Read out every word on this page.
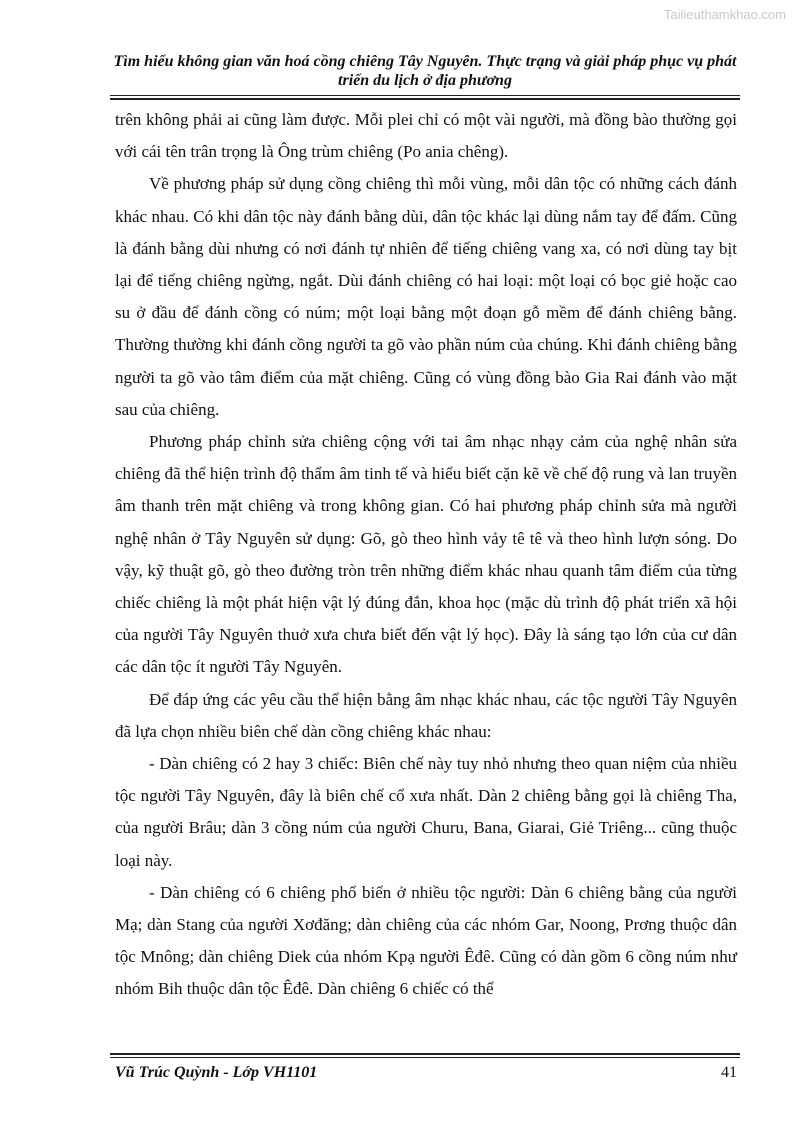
Tailieuthamkhao.com
Tìm hiểu không gian văn hoá cồng chiêng Tây Nguyên. Thực trạng và giải pháp phục vụ phát triển du lịch ở địa phương

trên không phải ai cũng làm được. Mỗi plei chỉ có một vài người, mà đồng bào thường gọi với cái tên trân trọng là Ông trùm chiêng (Po ania chêng).

Về phương pháp sử dụng cồng chiêng thì mỗi vùng, mỗi dân tộc có những cách đánh khác nhau. Có khi dân tộc này đánh bằng dùi, dân tộc khác lại dùng nắm tay để đấm. Cũng là đánh bằng dùi nhưng có nơi đánh tự nhiên để tiếng chiêng vang xa, có nơi dùng tay bịt lại để tiếng chiêng ngừng, ngắt. Dùi đánh chiêng có hai loại: một loại có bọc giẻ hoặc cao su ở đầu để đánh cồng có núm; một loại bằng một đoạn gỗ mềm để đánh chiêng bằng. Thường thường khi đánh cồng người ta gõ vào phần núm của chúng. Khi đánh chiêng bằng người ta gõ vào tâm điểm của mặt chiêng. Cũng có vùng đồng bào Gia Rai đánh vào mặt sau của chiêng.

Phương pháp chỉnh sửa chiêng cộng với tai âm nhạc nhạy cảm của nghệ nhân sửa chiêng đã thể hiện trình độ thẩm âm tinh tế và hiểu biết cặn kẽ về chế độ rung và lan truyền âm thanh trên mặt chiêng và trong không gian. Có hai phương pháp chỉnh sửa mà người nghệ nhân ở Tây Nguyên sử dụng: Gõ, gò theo hình vảy tê tê và theo hình lượn sóng. Do vậy, kỹ thuật gõ, gò theo đường tròn trên những điểm khác nhau quanh tâm điểm của từng chiếc chiêng là một phát hiện vật lý đúng đắn, khoa học (mặc dù trình độ phát triển xã hội của người Tây Nguyên thuở xưa chưa biết đến vật lý học). Đây là sáng tạo lớn của cư dân các dân tộc ít người Tây Nguyên.

Để đáp ứng các yêu cầu thể hiện bằng âm nhạc khác nhau, các tộc người Tây Nguyên đã lựa chọn nhiều biên chế dàn cồng chiêng khác nhau:

- Dàn chiêng có 2 hay 3 chiếc: Biên chế này tuy nhỏ nhưng theo quan niệm của nhiều tộc người Tây Nguyên, đây là biên chế cổ xưa nhất. Dàn 2 chiêng bằng gọi là chiêng Tha, của người Brâu; dàn 3 cồng núm của người Churu, Bana, Giarai, Giẻ Triêng... cũng thuộc loại này.

- Dàn chiêng có 6 chiêng phổ biến ở nhiều tộc người: Dàn 6 chiêng bằng của người Mạ; dàn Stang của người Xơđăng; dàn chiêng của các nhóm Gar, Noong, Prơng thuộc dân tộc Mnông; dàn chiêng Diek của nhóm Kpạ người Êđê. Cũng có dàn gồm 6 cồng núm như nhóm Bih thuộc dân tộc Êđê. Dàn chiêng 6 chiếc có thể

Vũ Trúc Quỳnh - Lớp VH1101	41
